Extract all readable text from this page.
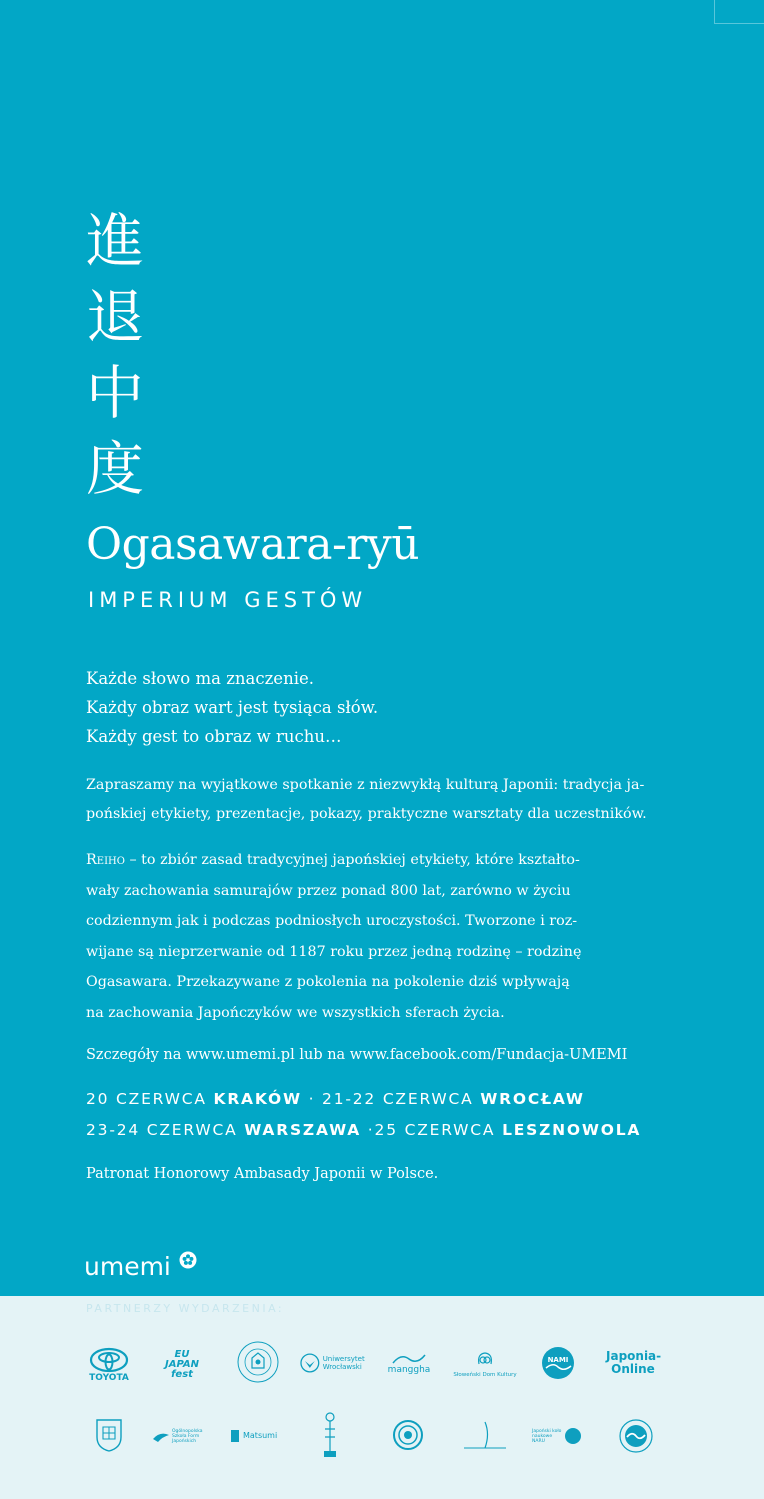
進
退
中
度
Ogasawara-ryū
IMPERIUM GESTÓW
Każde słowo ma znaczenie.
Każdy obraz wart jest tysiąca słów.
Każdy gest to obraz w ruchu…
Zapraszamy na wyjątkowe spotkanie z niezwykłą kulturą Japonii: tradycja ja-
pońskiej etykiety, prezentacje, pokazy, praktyczne warsztaty dla uczestników.
Reiho – to zbiór zasad tradycyjnej japońskiej etykiety, które kształto-
wały zachowania samurajów przez ponad 800 lat, zarówno w życiu
codziennym jak i podczas podniosłych uroczystości. Tworzone i roz-
wijane są nieprzerwanie od 1187 roku przez jedną rodzinę – rodzinę
Ogasawara. Przekazywane z pokolenia na pokolenie dziś wpływają
na zachowania Japończyków we wszystkich sferach życia.
Szczegóły na www.umemi.pl lub na www.facebook.com/Fundacja-UMEMI
20 CZERWCA KRAKÓW · 21-22 CZERWCA WROCŁAW
23-24 CZERWCA WARSZAWA ·25 CZERWCA LESZNOWOLA
Patronat Honorowy Ambasady Japonii w Polsce.
umemi
PARTNERZY WYDARZENIA:
TOYOTA
EU JAPAN fest
Uniwersytet Wrocławski	manggha	Słoweński Dom Kultury
NAMI	Japonia-Online
Ogólnopolska Szkoła Form Japońskich
Matsumi	Japoński koło naukowe NARU
